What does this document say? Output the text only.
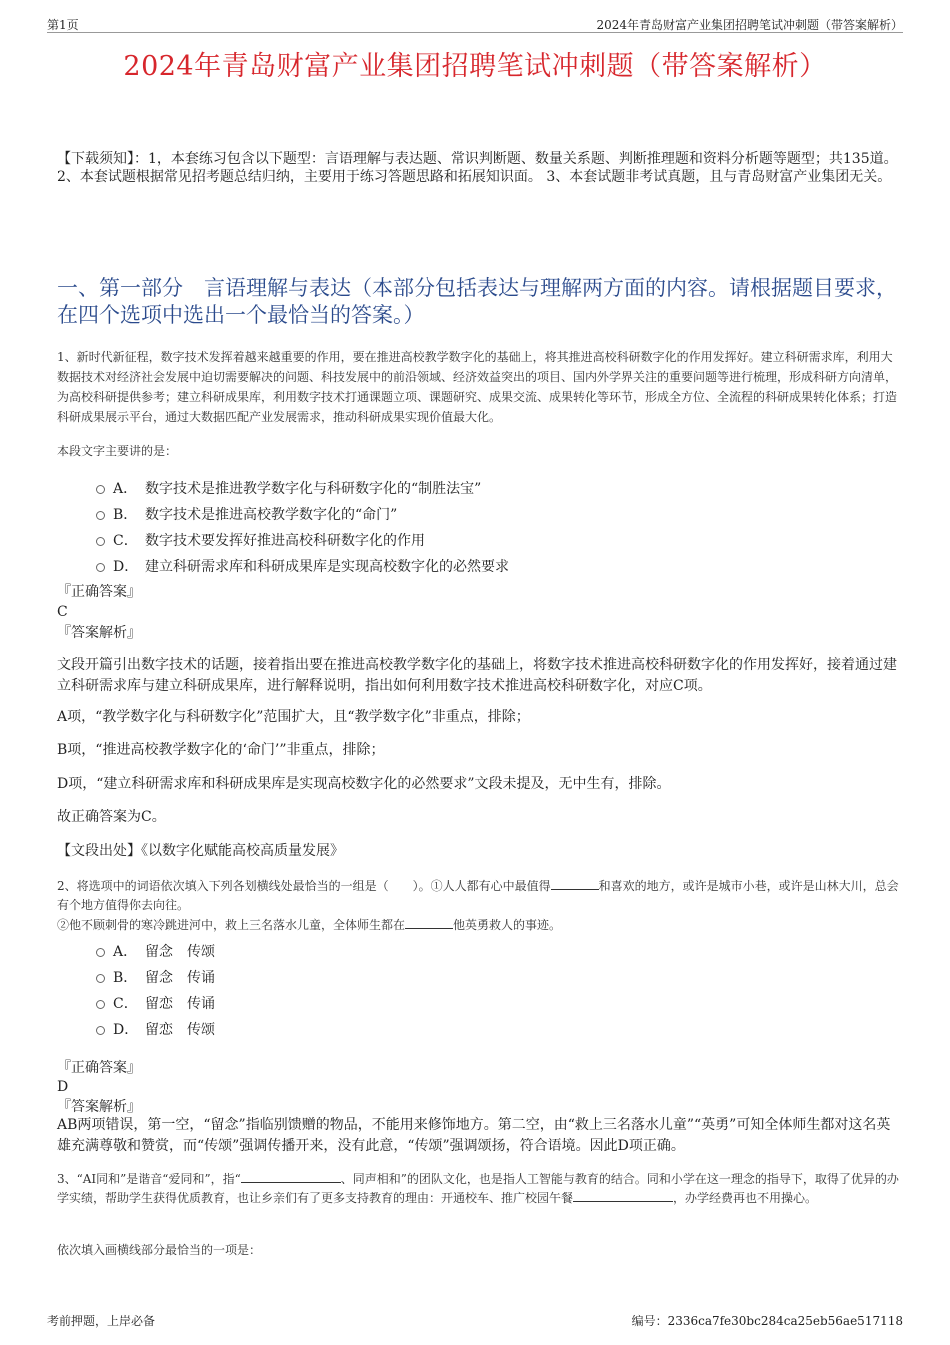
第1页	2024年青岛财富产业集团招聘笔试冲刺题（带答案解析）
2024年青岛财富产业集团招聘笔试冲刺题（带答案解析）
【下载须知】：1，本套练习包含以下题型：言语理解与表达题、常识判断题、数量关系题、判断推理题和资料分析题等题型；共135道。 2、本套试题根据常见招考题总结归纳，主要用于练习答题思路和拓展知识面。 3、本套试题非考试真题，且与青岛财富产业集团无关。
一、第一部分　言语理解与表达（本部分包括表达与理解两方面的内容。请根据题目要求，在四个选项中选出一个最恰当的答案。）
1、新时代新征程，数字技术发挥着越来越重要的作用，要在推进高校教学数字化的基础上，将其推进高校科研数字化的作用发挥好。建立科研需求库，利用大数据技术对经济社会发展中迫切需要解决的问题、科技发展中的前沿领域、经济效益突出的项目、国内外学界关注的重要问题等进行梳理，形成科研方向清单，为高校科研提供参考；建立科研成果库，利用数字技术打通课题立项、课题研究、成果交流、成果转化等环节，形成全方位、全流程的科研成果转化体系；打造科研成果展示平台，通过大数据匹配产业发展需求，推动科研成果实现价值最大化。
本段文字主要讲的是：
A． 数字技术是推进教学数字化与科研数字化的“制胜法宝”
B． 数字技术是推进高校教学数字化的“命门”
C． 数字技术要发挥好推进高校科研数字化的作用
D． 建立科研需求库和科研成果库是实现高校数字化的必然要求
『正确答案』
C
『答案解析』
文段开篇引出数字技术的话题，接着指出要在推进高校教学数字化的基础上，将数字技术推进高校科研数字化的作用发挥好，接着通过建立科研需求库与建立科研成果库，进行解释说明，指出如何利用数字技术推进高校科研数字化，对应C项。
A项，“教学数字化与科研数字化”范围扩大，且“教学数字化”非重点，排除；
B项，“推进高校教学数字化的‘命门’”非重点，排除；
D项，“建立科研需求库和科研成果库是实现高校数字化的必然要求”文段未提及，无中生有，排除。
故正确答案为C。
【文段出处】《以数字化赋能高校高质量发展》
2、将选项中的词语依次填入下列各划横线处最恰当的一组是（　　）。①人人都有心中最值得	和喜欢的地方，或许是城市小巷，或许是山林大川，总会有个地方值得你去向往。
②他不顾刺骨的寒冷跳进河中，救上三名落水儿童，全体师生都在	他英勇救人的事迹。
A． 留念　传颂
B． 留念　传诵
C． 留恋　传诵
D． 留恋　传颂
『正确答案』
D
『答案解析』
AB两项错误，第一空，“留念”指临别馈赠的物品，不能用来修饰地方。第二空，由“救上三名落水儿童”“英勇”可知全体师生都对这名英雄充满尊敬和赞赏，而“传颂”强调传播开来，没有此意，“传颂”强调颂扬，符合语境。因此D项正确。
3、“AI同和”是谐音“爱同和”，指“	、同声相和”的团队文化，也是指人工智能与教育的结合。同和小学在这一理念的指导下，取得了优异的办学实绩，帮助学生获得优质教育，也让乡亲们有了更多支持教育的理由：开通校车、推广校园午餐	，办学经费再也不用操心。
依次填入画横线部分最恰当的一项是：
考前押题，上岸必备	编号：2336ca7fe30bc284ca25eb56ae517118
